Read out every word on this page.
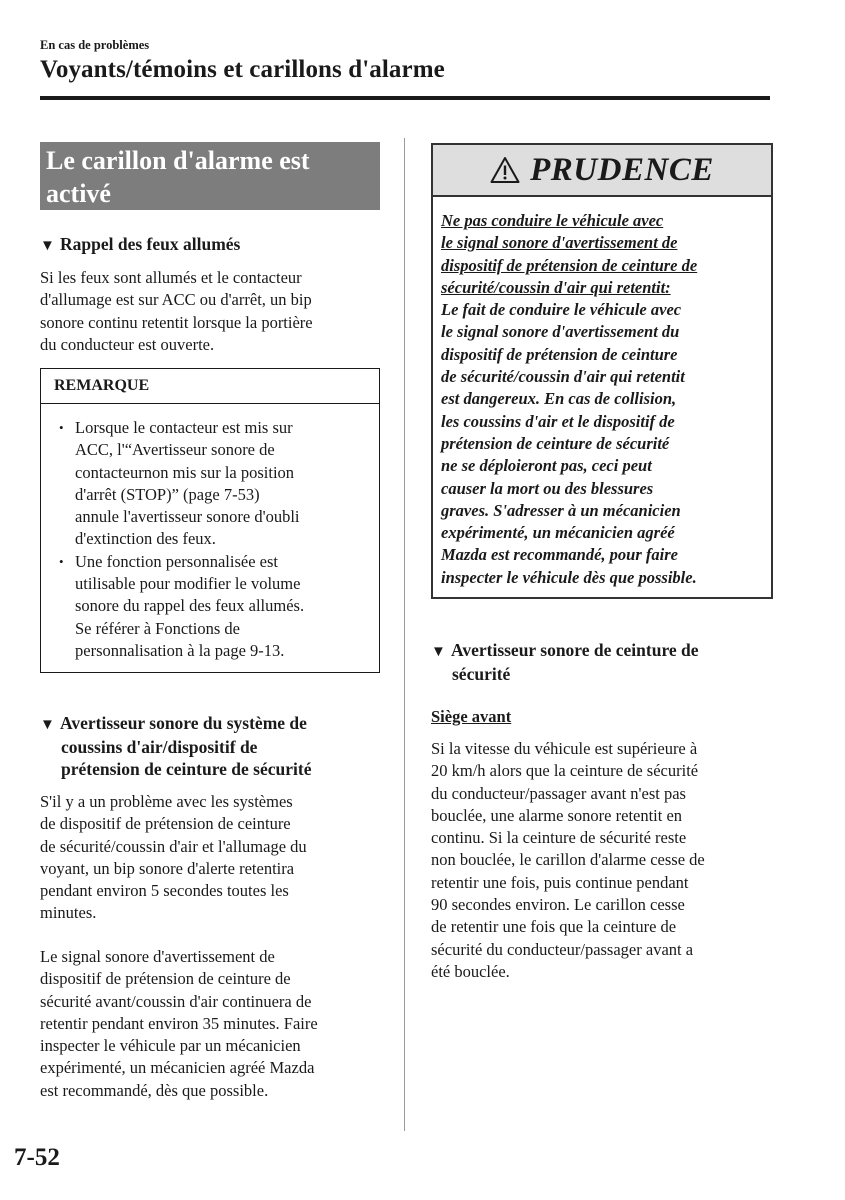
En cas de problèmes
Voyants/témoins et carillons d'alarme
Le carillon d'alarme est
activé
▼ Rappel des feux allumés
Si les feux sont allumés et le contacteur
d'allumage est sur ACC ou d'arrêt, un bip
sonore continu retentit lorsque la portière
du conducteur est ouverte.
REMARQUE
• Lorsque le contacteur est mis sur
ACC, l'“Avertisseur sonore de
contacteurnon mis sur la position
d'arrêt (STOP)” (page 7-53)
annule l'avertisseur sonore d'oubli
d'extinction des feux.
• Une fonction personnalisée est
utilisable pour modifier le volume
sonore du rappel des feux allumés.
Se référer à Fonctions de
personnalisation à la page 9-13.
▼ Avertisseur sonore du système de
coussins d'air/dispositif de
prétension de ceinture de sécurité
S'il y a un problème avec les systèmes
de dispositif de prétension de ceinture
de sécurité/coussin d'air et l'allumage du
voyant, un bip sonore d'alerte retentira
pendant environ 5 secondes toutes les
minutes.
Le signal sonore d'avertissement de
dispositif de prétension de ceinture de
sécurité avant/coussin d'air continuera de
retentir pendant environ 35 minutes. Faire
inspecter le véhicule par un mécanicien
expérimenté, un mécanicien agréé Mazda
est recommandé, dès que possible.
PRUDENCE

Ne pas conduire le véhicule avec
le signal sonore d'avertissement de
dispositif de prétension de ceinture de
sécurité/coussin d'air qui retentit:
Le fait de conduire le véhicule avec
le signal sonore d'avertissement du
dispositif de prétension de ceinture
de sécurité/coussin d'air qui retentit
est dangereux. En cas de collision,
les coussins d'air et le dispositif de
prétension de ceinture de sécurité
ne se déploieront pas, ceci peut
causer la mort ou des blessures
graves. S'adresser à un mécanicien
expérimenté, un mécanicien agréé
Mazda est recommandé, pour faire
inspecter le véhicule dès que possible.

▼ Avertisseur sonore de ceinture de
sécurité
Siège avant
Si la vitesse du véhicule est supérieure à
20 km/h alors que la ceinture de sécurité
du conducteur/passager avant n'est pas
bouclée, une alarme sonore retentit en
continu. Si la ceinture de sécurité reste
non bouclée, le carillon d'alarme cesse de
retentir une fois, puis continue pendant
90 secondes environ. Le carillon cesse
de retentir une fois que la ceinture de
sécurité du conducteur/passager avant a
été bouclée.
7-52
